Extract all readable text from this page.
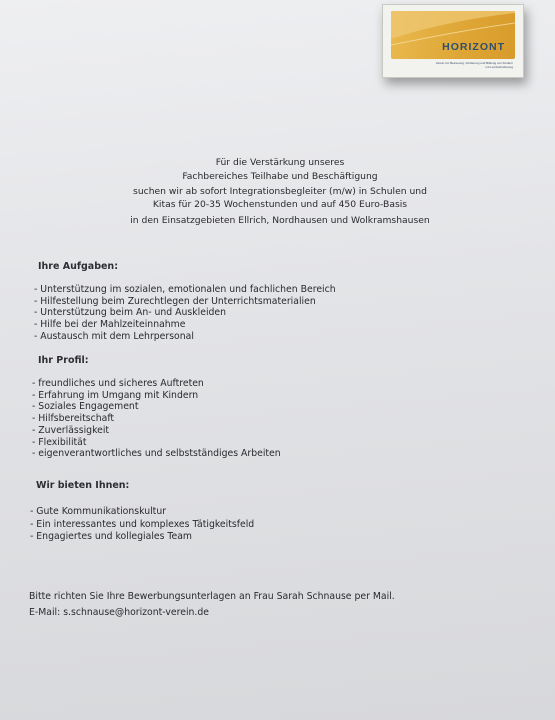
HORIZONT
Verein zur Betreuung, Förderung und Bildung von Kindern mit Lernbehinderung
Für die Verstärkung unseres
Fachbereiches Teilhabe und Beschäftigung
suchen wir ab sofort Integrationsbegleiter (m/w) in Schulen und
Kitas für 20-35 Wochenstunden und auf 450 Euro-Basis
in den Einsatzgebieten Ellrich, Nordhausen und Wolkramshausen
Ihre Aufgaben:
- Unterstützung im sozialen, emotionalen und fachlichen Bereich
- Hilfestellung beim Zurechtlegen der Unterrichtsmaterialien
- Unterstützung beim An- und Auskleiden
- Hilfe bei der Mahlzeiteinnahme
- Austausch mit dem Lehrpersonal
Ihr Profil:
- freundliches und sicheres Auftreten
- Erfahrung im Umgang mit Kindern
- Soziales Engagement
- Hilfsbereitschaft
- Zuverlässigkeit
- Flexibilität
- eigenverantwortliches und selbstständiges Arbeiten
Wir bieten Ihnen:
- Gute Kommunikationskultur
- Ein interessantes und komplexes Tätigkeitsfeld
- Engagiertes und kollegiales Team
Bitte richten Sie Ihre Bewerbungsunterlagen an Frau Sarah Schnause per Mail.
E-Mail: s.schnause@horizont-verein.de
